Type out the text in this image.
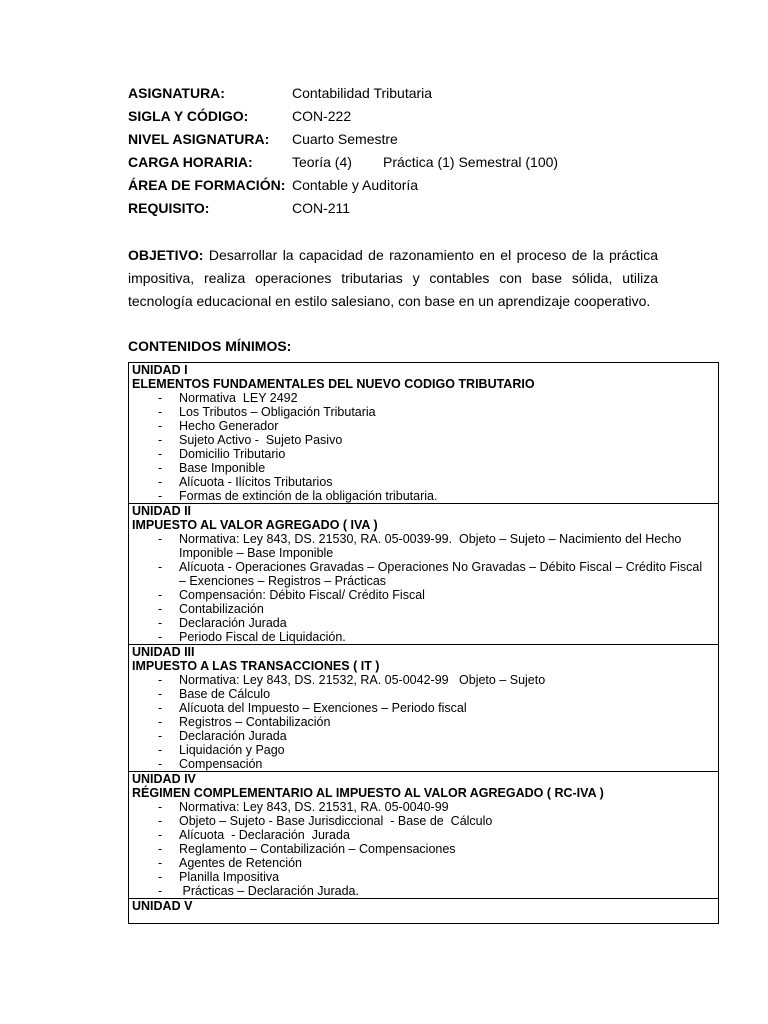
ASIGNATURA:	Contabilidad Tributaria
SIGLA Y CÓDIGO:	CON-222
NIVEL ASIGNATURA:	Cuarto Semestre
CARGA HORARIA:	Teoría (4) Práctica (1) Semestral (100)
ÁREA DE FORMACIÓN: Contable y Auditoría
REQUISITO:	CON-211
OBJETIVO: Desarrollar la capacidad de razonamiento en el proceso de la práctica impositiva, realiza operaciones tributarias y contables con base sólida, utiliza tecnología educacional en estilo salesiano, con base en un aprendizaje cooperativo.
CONTENIDOS MÍNIMOS:
UNIDAD I
ELEMENTOS FUNDAMENTALES DEL NUEVO CODIGO TRIBUTARIO
- Normativa  LEY 2492
- Los Tributos – Obligación Tributaria
- Hecho Generador
- Sujeto Activo -  Sujeto Pasivo
- Domicilio Tributario
- Base Imponible
- Alícuota - Ilícitos Tributarios
- Formas de extinción de la obligación tributaria.
UNIDAD II
IMPUESTO AL VALOR AGREGADO ( IVA )
- Normativa: Ley 843, DS. 21530, RA. 05-0039-99.  Objeto – Sujeto – Nacimiento del Hecho Imponible – Base Imponible
- Alícuota - Operaciones Gravadas – Operaciones No Gravadas – Débito Fiscal – Crédito Fiscal – Exenciones – Registros – Prácticas
- Compensación: Débito Fiscal/ Crédito Fiscal
- Contabilización
- Declaración Jurada
- Periodo Fiscal de Liquidación.
UNIDAD III
IMPUESTO A LAS TRANSACCIONES ( IT )
- Normativa: Ley 843, DS. 21532, RA. 05-0042-99   Objeto – Sujeto
- Base de Cálculo
- Alícuota del Impuesto – Exenciones – Periodo fiscal
- Registros – Contabilización
- Declaración Jurada
- Liquidación y Pago
- Compensación
UNIDAD IV
RÉGIMEN COMPLEMENTARIO AL IMPUESTO AL VALOR AGREGADO ( RC-IVA )
- Normativa: Ley 843, DS. 21531, RA. 05-0040-99
- Objeto – Sujeto - Base Jurisdiccional  - Base de  Cálculo
- Alícuota  - Declaración  Jurada
- Reglamento – Contabilización – Compensaciones
- Agentes de Retención
- Planilla Impositiva
- Prácticas – Declaración Jurada.
UNIDAD V
